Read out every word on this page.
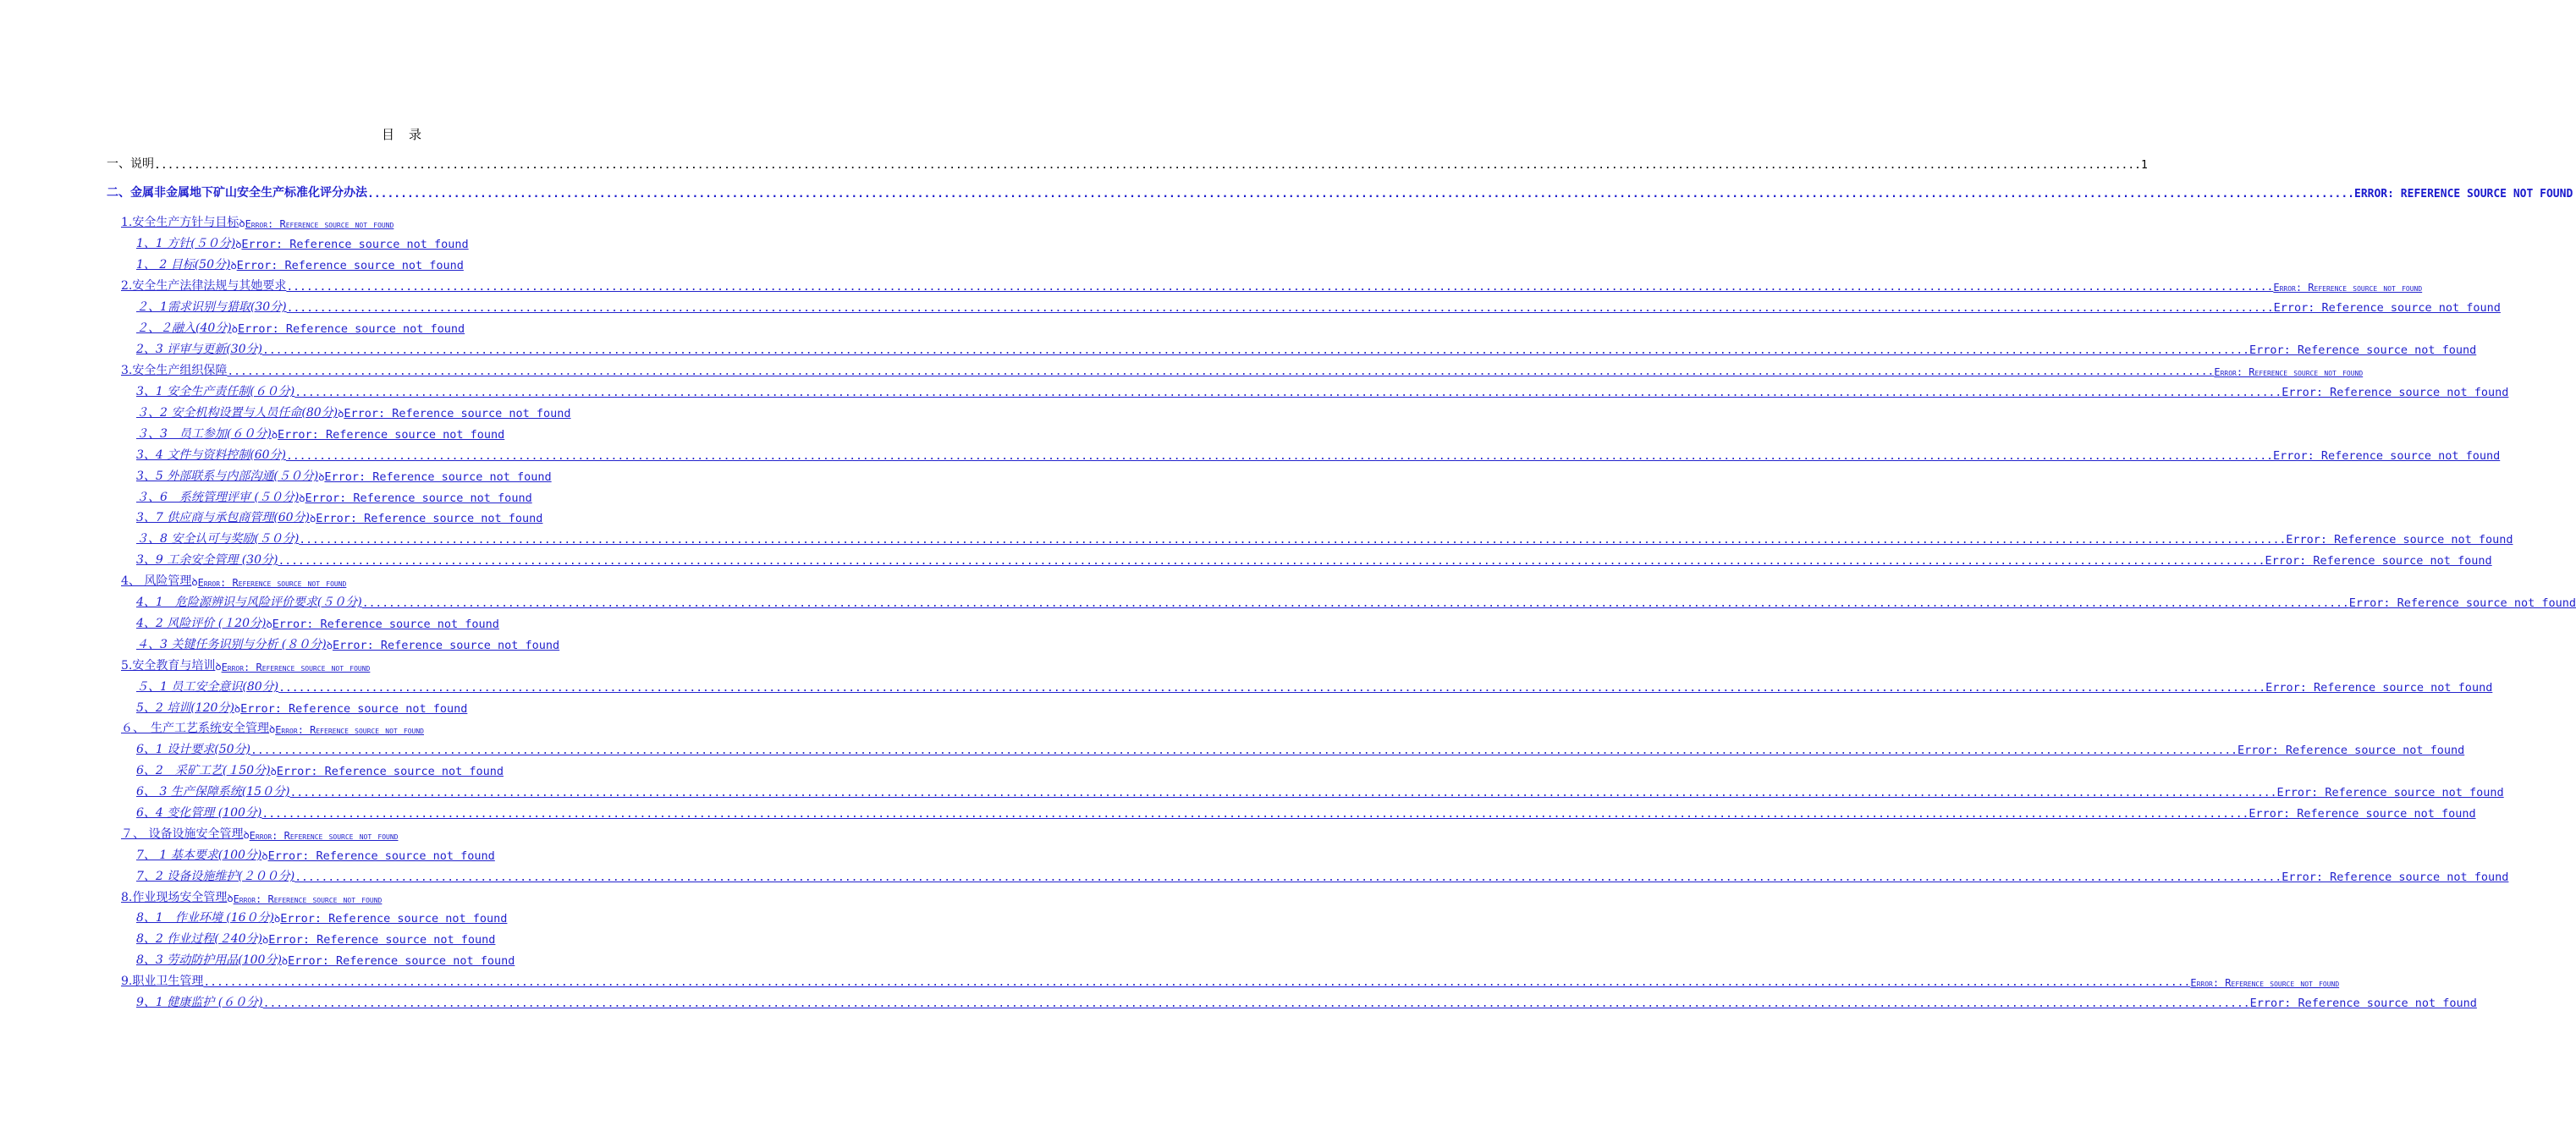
目　录
一、说明 ............................................................................................................................................................................................................................................................................................................ 1
二、金属非金属地下矿山安全生产标准化评分办法 ............................................................................................................................................................................................................................................................................................................ ERROR: REFERENCE SOURCE NOT FOUND
1.安全生产方针与目标 ꝺ Error: Reference source not found
1、1 方针(５０分) ꝺ Error: Reference source not found
1、 2 目标(50分) ꝺ Error: Reference source not found
2.安全生产法律法规与其她要求 ............................................................................................................................................................................................................................................................................................................ Error: Reference source not found
２、1需求识别与猎取(30分) ............................................................................................................................................................................................................................................................................................................ Error: Reference source not found
２、２融入(40分) ꝺ Error: Reference source not found
2、3 评审与更新(30分) ............................................................................................................................................................................................................................................................................................................ Error: Reference source not found
3.安全生产组织保障 ............................................................................................................................................................................................................................................................................................................ Error: Reference source not found
3、1 安全生产责任制(６０分) ............................................................................................................................................................................................................................................................................................................ Error: Reference source not found
３、2 安全机构设置与人员任命(80分) ꝺ Error: Reference source not found
３、3　员工参加(６０分) ꝺ Error: Reference source not found
3、4 文件与资料控制(60分) ............................................................................................................................................................................................................................................................................................................ Error: Reference source not found
3、5 外部联系与内部沟通(５０分) ꝺ Error: Reference source not found
３、6　系统管理评审 (５０分) ꝺ Error: Reference source not found
3、7 供应商与承包商管理(60分) ꝺ Error: Reference source not found
３、8 安全认可与奖励(５０分) ............................................................................................................................................................................................................................................................................................................ Error: Reference source not found
3、9 工余安全管理 (30分) ............................................................................................................................................................................................................................................................................................................ Error: Reference source not found
4、 风险管理 ꝺ Error: Reference source not found
4、1　危险源辨识与风险评价要求(５０分) ............................................................................................................................................................................................................................................................................................................ Error: Reference source not found
4、2 风险评价 (１20分) ꝺ Error: Reference source not found
４、3 关键任务识别与分析 (８０分) ꝺ Error: Reference source not found
5.安全教育与培训 ꝺ Error: Reference source not found
５、1 员工安全意识(80分) ............................................................................................................................................................................................................................................................................................................ Error: Reference source not found
5、2 培训(120分) ꝺ Error: Reference source not found
６、　生产工艺系统安全管理 ꝺ Error: Reference source not found
6、1 设计要求(50分) ............................................................................................................................................................................................................................................................................................................ Error: Reference source not found
6、2　采矿工艺(１50分) ꝺ Error: Reference source not found
6、 3 生产保障系统(15０分) ............................................................................................................................................................................................................................................................................................................ Error: Reference source not found
6、4 变化管理 (100分) ............................................................................................................................................................................................................................................................................................................ Error: Reference source not found
７、 设备设施安全管理 ꝺ Error: Reference source not found
7、 1 基本要求(100分) ꝺ Error: Reference source not found
7、2 设备设施维护(２００分) ............................................................................................................................................................................................................................................................................................................ Error: Reference source not found
8.作业现场安全管理 ꝺ Error: Reference source not found
8、1　作业环境 (16０分) ꝺ Error: Reference source not found
8、2 作业过程(２40分) ꝺ Error: Reference source not found
8、3 劳动防护用品(100分) ꝺ Error: Reference source not found
9.职业卫生管理 ............................................................................................................................................................................................................................................................................................................ Error: Reference source not found
9、1 健康监护 (６０分) ............................................................................................................................................................................................................................................................................................................ Error: Reference source not found
